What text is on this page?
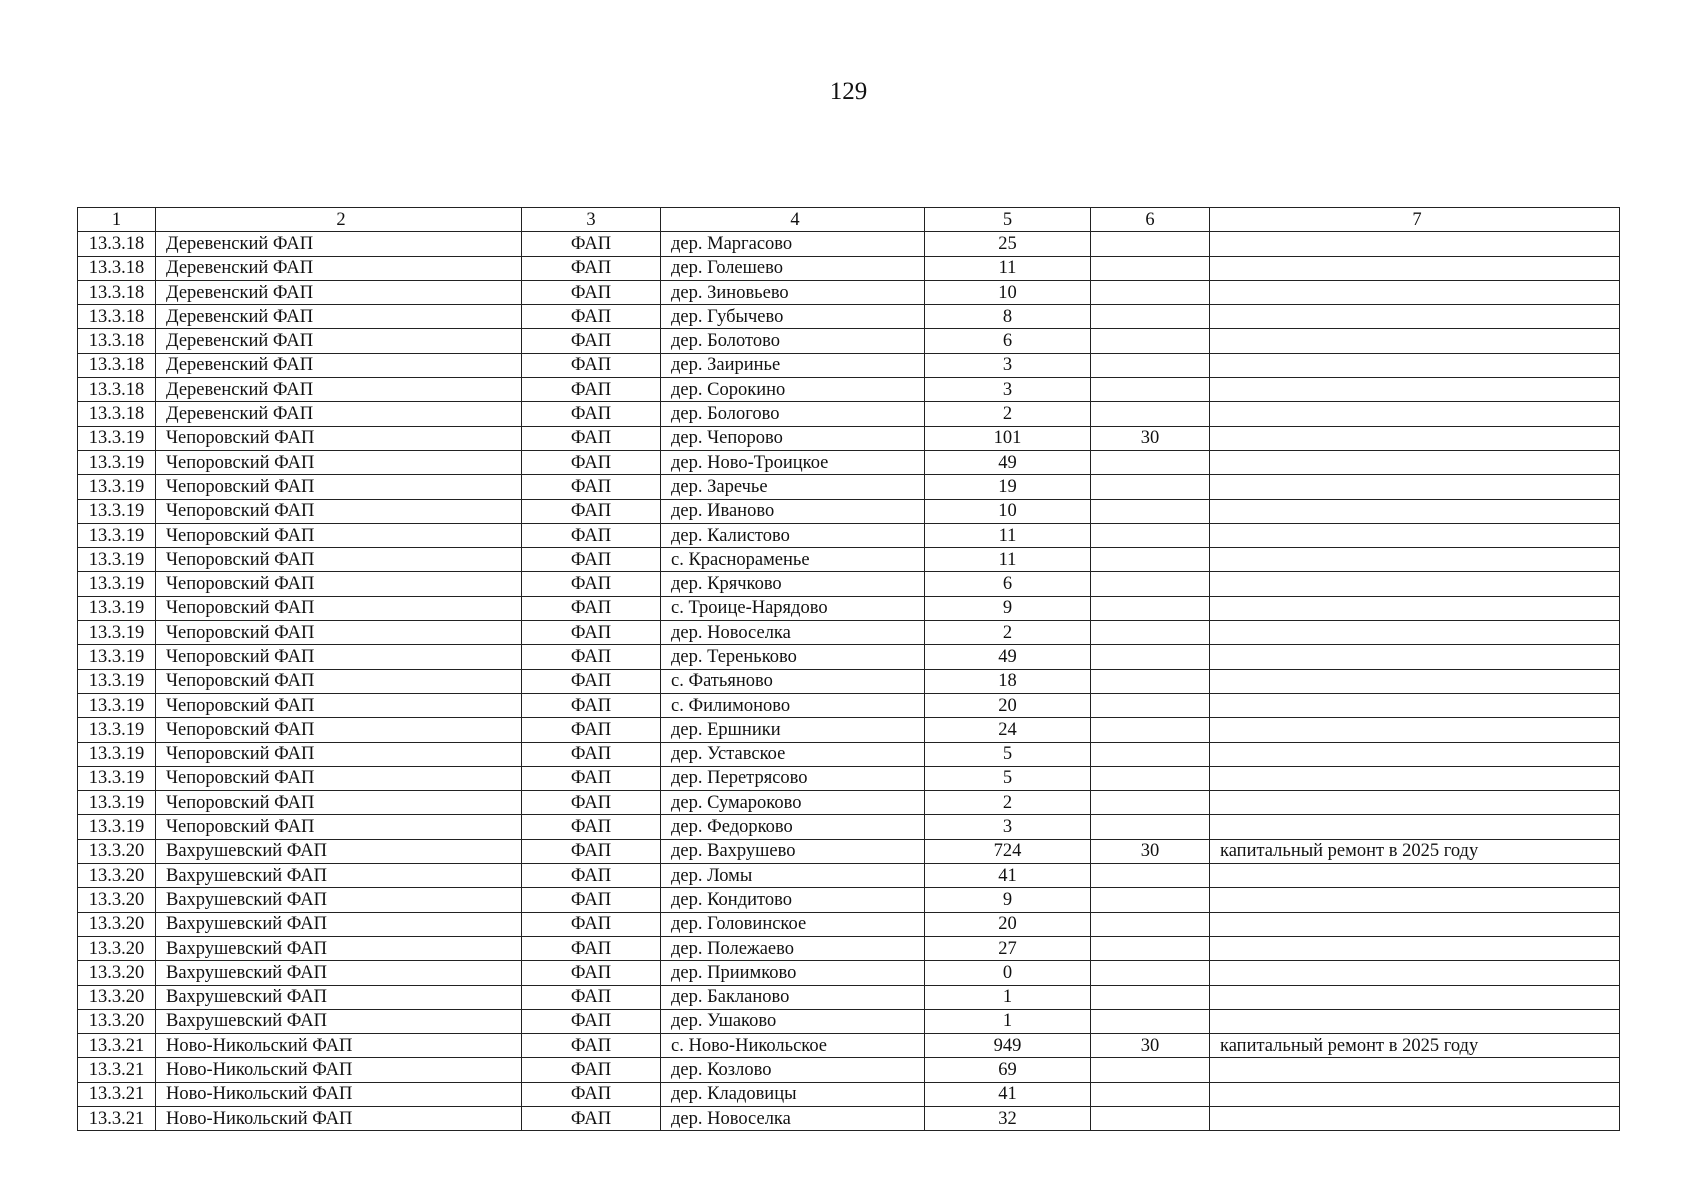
129
1	2	3	4	5	6	7
13.3.18	Деревенский ФАП	ФАП	дер. Маргасово	25		
13.3.18	Деревенский ФАП	ФАП	дер. Голешево	11		
13.3.18	Деревенский ФАП	ФАП	дер. Зиновьево	10		
13.3.18	Деревенский ФАП	ФАП	дер. Губычево	8		
13.3.18	Деревенский ФАП	ФАП	дер. Болотово	6		
13.3.18	Деревенский ФАП	ФАП	дер. Заиринье	3		
13.3.18	Деревенский ФАП	ФАП	дер. Сорокино	3		
13.3.18	Деревенский ФАП	ФАП	дер. Бологово	2		
13.3.19	Чепоровский ФАП	ФАП	дер. Чепорово	101	30	
13.3.19	Чепоровский ФАП	ФАП	дер. Ново-Троицкое	49		
13.3.19	Чепоровский ФАП	ФАП	дер. Заречье	19		
13.3.19	Чепоровский ФАП	ФАП	дер. Иваново	10		
13.3.19	Чепоровский ФАП	ФАП	дер. Калистово	11		
13.3.19	Чепоровский ФАП	ФАП	с. Краснораменье	11		
13.3.19	Чепоровский ФАП	ФАП	дер. Крячково	6		
13.3.19	Чепоровский ФАП	ФАП	с. Троице-Нарядово	9		
13.3.19	Чепоровский ФАП	ФАП	дер. Новоселка	2		
13.3.19	Чепоровский ФАП	ФАП	дер. Тереньково	49		
13.3.19	Чепоровский ФАП	ФАП	с. Фатьяново	18		
13.3.19	Чепоровский ФАП	ФАП	с. Филимоново	20		
13.3.19	Чепоровский ФАП	ФАП	дер. Ершники	24		
13.3.19	Чепоровский ФАП	ФАП	дер. Уставское	5		
13.3.19	Чепоровский ФАП	ФАП	дер. Перетрясово	5		
13.3.19	Чепоровский ФАП	ФАП	дер. Сумароково	2		
13.3.19	Чепоровский ФАП	ФАП	дер. Федорково	3		
13.3.20	Вахрушевский ФАП	ФАП	дер. Вахрушево	724	30	капитальный ремонт в 2025 году
13.3.20	Вахрушевский ФАП	ФАП	дер. Ломы	41		
13.3.20	Вахрушевский ФАП	ФАП	дер. Кондитово	9		
13.3.20	Вахрушевский ФАП	ФАП	дер. Головинское	20		
13.3.20	Вахрушевский ФАП	ФАП	дер. Полежаево	27		
13.3.20	Вахрушевский ФАП	ФАП	дер. Приимково	0		
13.3.20	Вахрушевский ФАП	ФАП	дер. Бакланово	1		
13.3.20	Вахрушевский ФАП	ФАП	дер. Ушаково	1		
13.3.21	Ново-Никольский ФАП	ФАП	с. Ново-Никольское	949	30	капитальный ремонт в 2025 году
13.3.21	Ново-Никольский ФАП	ФАП	дер. Козлово	69		
13.3.21	Ново-Никольский ФАП	ФАП	дер. Кладовицы	41		
13.3.21	Ново-Никольский ФАП	ФАП	дер. Новоселка	32		
